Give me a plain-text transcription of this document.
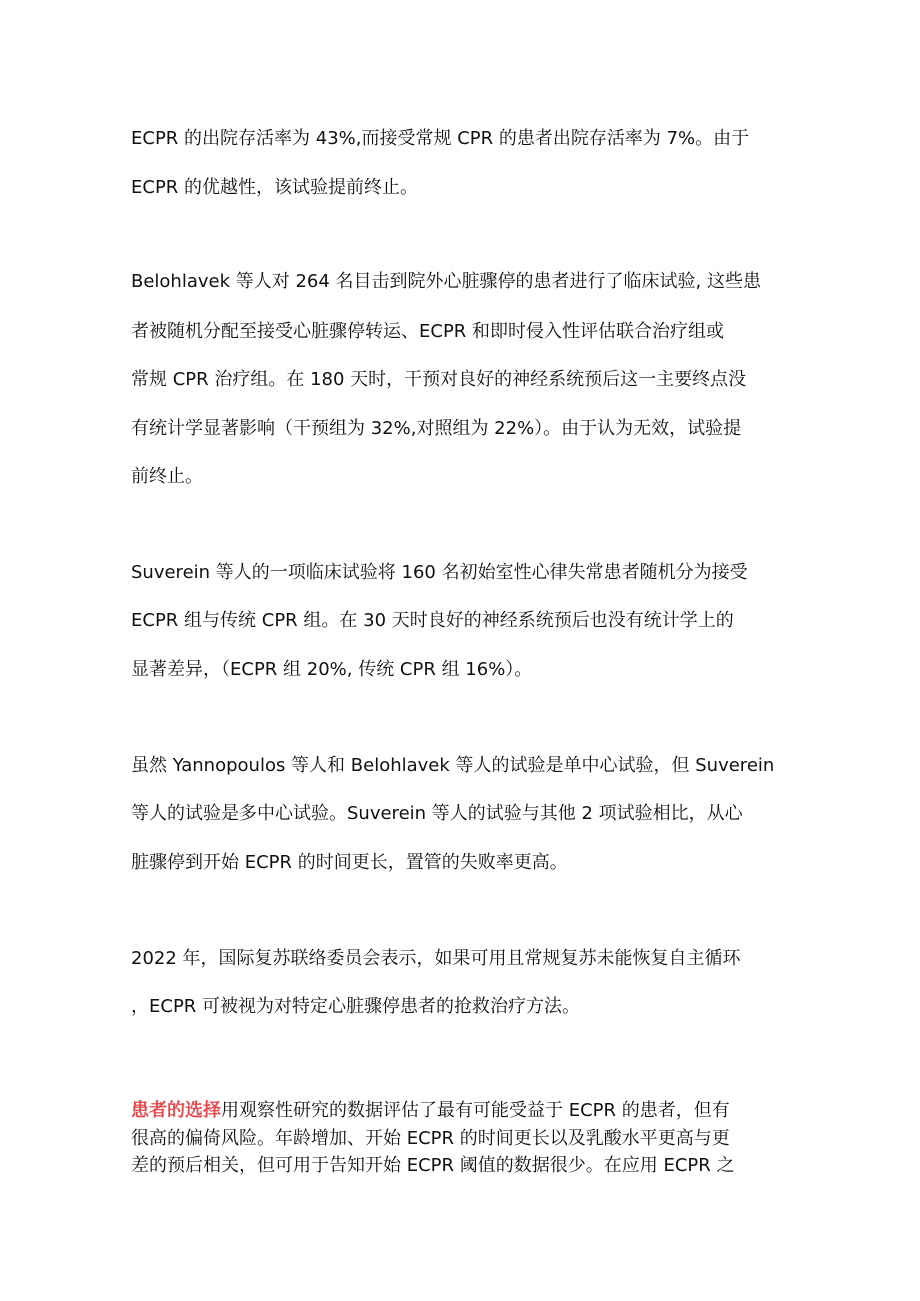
ECPR 的出院存活率为 43%,而接受常规 CPR 的患者出院存活率为 7%。由于
ECPR 的优越性，该试验提前终止。
Belohlavek 等人对 264 名目击到院外心脏骤停的患者进行了临床试验, 这些患
者被随机分配至接受心脏骤停转运、ECPR 和即时侵入性评估联合治疗组或
常规 CPR 治疗组。在 180 天时，干预对良好的神经系统预后这一主要终点没
有统计学显著影响（干预组为 32%,对照组为 22%）。由于认为无效，试验提
前终止。
Suverein 等人的一项临床试验将 160 名初始室性心律失常患者随机分为接受
ECPR 组与传统 CPR 组。在 30 天时良好的神经系统预后也没有统计学上的
显著差异，（ECPR 组 20%, 传统 CPR 组 16%）。
虽然 Yannopoulos 等人和 Belohlavek 等人的试验是单中心试验，但 Suverein
等人的试验是多中心试验。Suverein 等人的试验与其他 2 项试验相比，从心
脏骤停到开始 ECPR 的时间更长，置管的失败率更高。
2022 年，国际复苏联络委员会表示，如果可用且常规复苏未能恢复自主循环
，ECPR 可被视为对特定心脏骤停患者的抢救治疗方法。
患者的选择用观察性研究的数据评估了最有可能受益于 ECPR 的患者，但有
很高的偏倚风险。年龄增加、开始 ECPR 的时间更长以及乳酸水平更高与更
差的预后相关，但可用于告知开始 ECPR 阈值的数据很少。在应用 ECPR 之
